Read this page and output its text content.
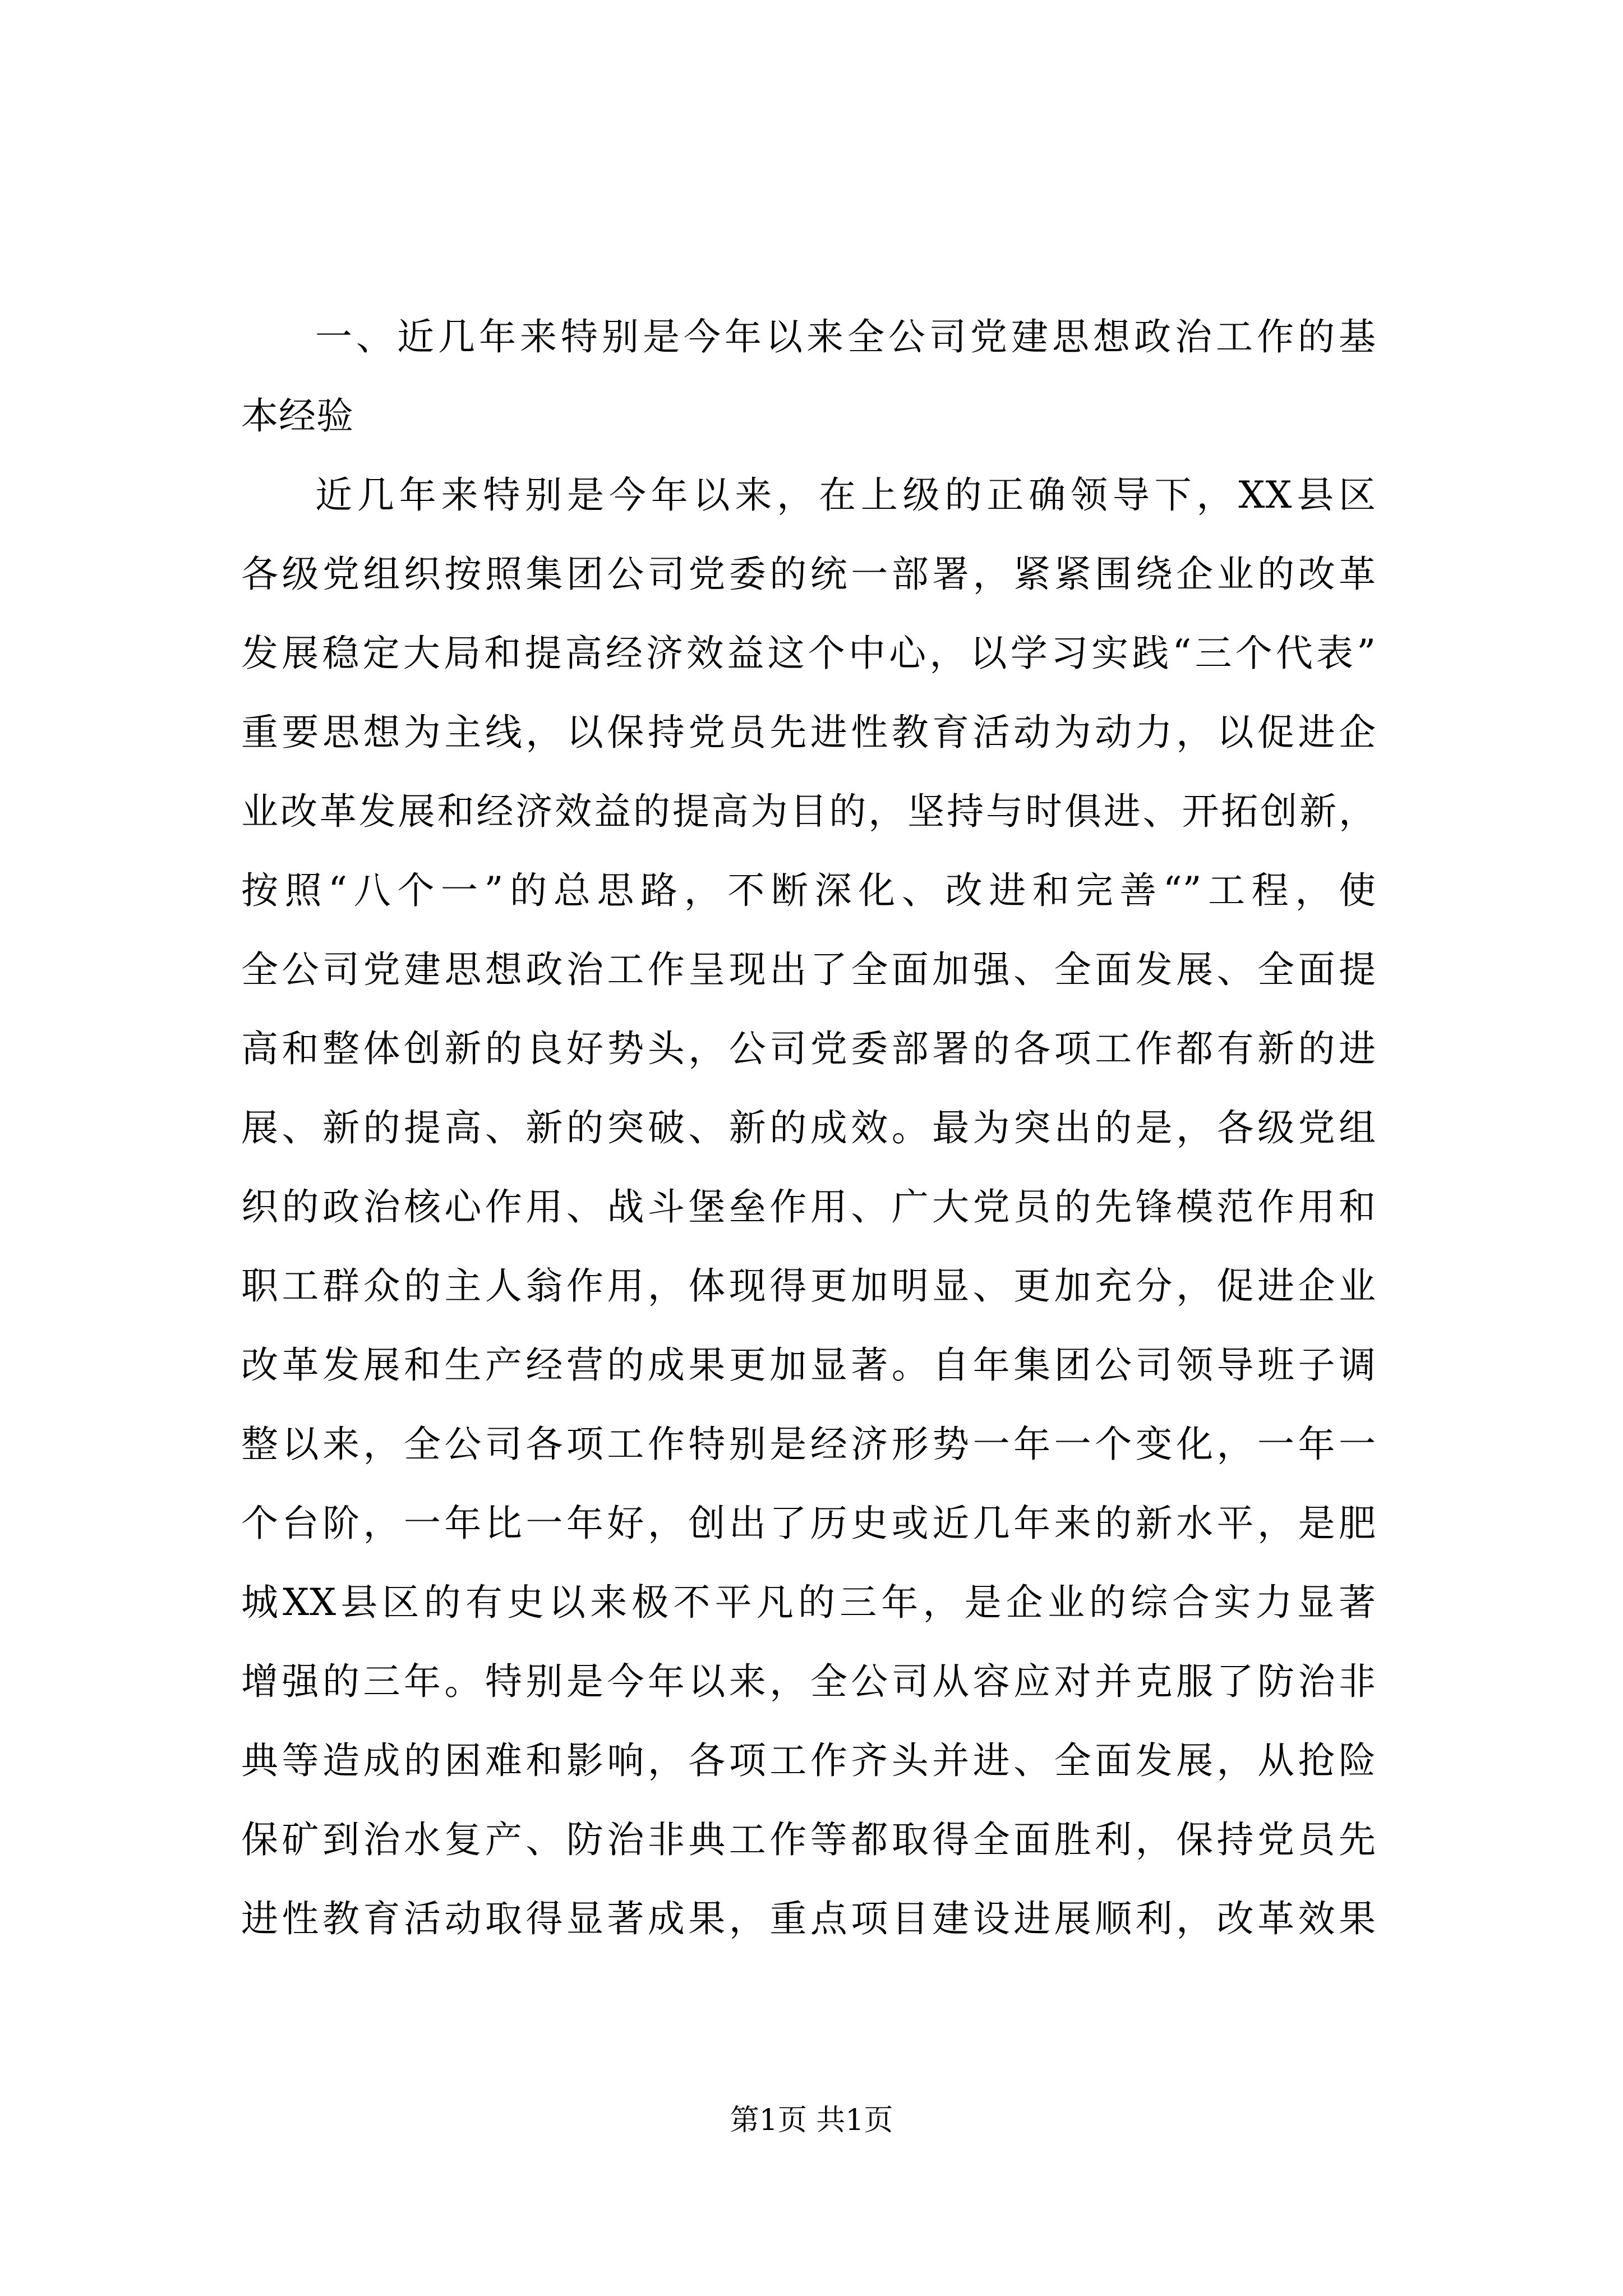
一、近几年来特别是今年以来全公司党建思想政治工作的基
本经验
近几年来特别是今年以来，在上级的正确领导下，XX县区
各级党组织按照集团公司党委的统一部署，紧紧围绕企业的改革
发展稳定大局和提高经济效益这个中心，以学习实践“三个代表”
重要思想为主线，以保持党员先进性教育活动为动力，以促进企
业改革发展和经济效益的提高为目的，坚持与时俱进、开拓创新，
按照“八个一”的总思路，不断深化、改进和完善“”工程，使
全公司党建思想政治工作呈现出了全面加强、全面发展、全面提
高和整体创新的良好势头，公司党委部署的各项工作都有新的进
展、新的提高、新的突破、新的成效。最为突出的是，各级党组
织的政治核心作用、战斗堡垒作用、广大党员的先锋模范作用和
职工群众的主人翁作用，体现得更加明显、更加充分，促进企业
改革发展和生产经营的成果更加显著。自年集团公司领导班子调
整以来，全公司各项工作特别是经济形势一年一个变化，一年一
个台阶，一年比一年好，创出了历史或近几年来的新水平，是肥
城XX县区的有史以来极不平凡的三年，是企业的综合实力显著
增强的三年。特别是今年以来，全公司从容应对并克服了防治非
典等造成的困难和影响，各项工作齐头并进、全面发展，从抢险
保矿到治水复产、防治非典工作等都取得全面胜利，保持党员先
进性教育活动取得显著成果，重点项目建设进展顺利，改革效果
第1页 共1页
